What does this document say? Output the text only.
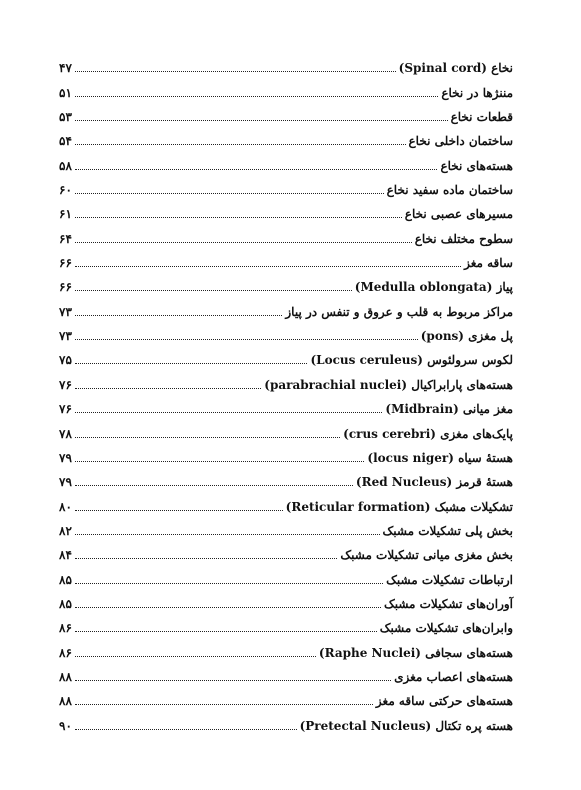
نخاع (Spinal cord)
۴۷
مننژها در نخاع
۵۱
قطعات نخاع
۵۳
ساختمان داخلی نخاع
۵۴
هسته‌های نخاع
۵۸
ساختمان ماده سفید نخاع
۶۰
مسیرهای عصبی نخاع
۶۱
سطوح مختلف نخاع
۶۴
ساقه مغز
۶۶
پیاز (Medulla oblongata)
۶۶
مراکز مربوط به قلب و عروق و تنفس در پیاز
۷۳
پل مغزی (pons)
۷۳
لکوس سرولئوس (Locus ceruleus)
۷۵
هسته‌های پارابراکیال (parabrachial nuclei)
۷۶
مغز میانی (Midbrain)
۷۶
پایک‌های مغزی (crus cerebri)
۷۸
هستهٔ سیاه (locus niger)
۷۹
هستهٔ قرمز (Red Nucleus)
۷۹
تشکیلات مشبک (Reticular formation)
۸۰
بخش پلی تشکیلات مشبک
۸۲
بخش مغزی میانی تشکیلات مشبک
۸۴
ارتباطات تشکیلات مشبک
۸۵
آوران‌های تشکیلات مشبک
۸۵
وابران‌های تشکیلات مشبک
۸۶
هسته‌های سجافی (Raphe Nuclei)
۸۶
هسته‌های اعصاب مغزی
۸۸
هسته‌های حرکتی ساقه مغز
۸۸
هسته پره تکتال (Pretectal Nucleus)
۹۰
